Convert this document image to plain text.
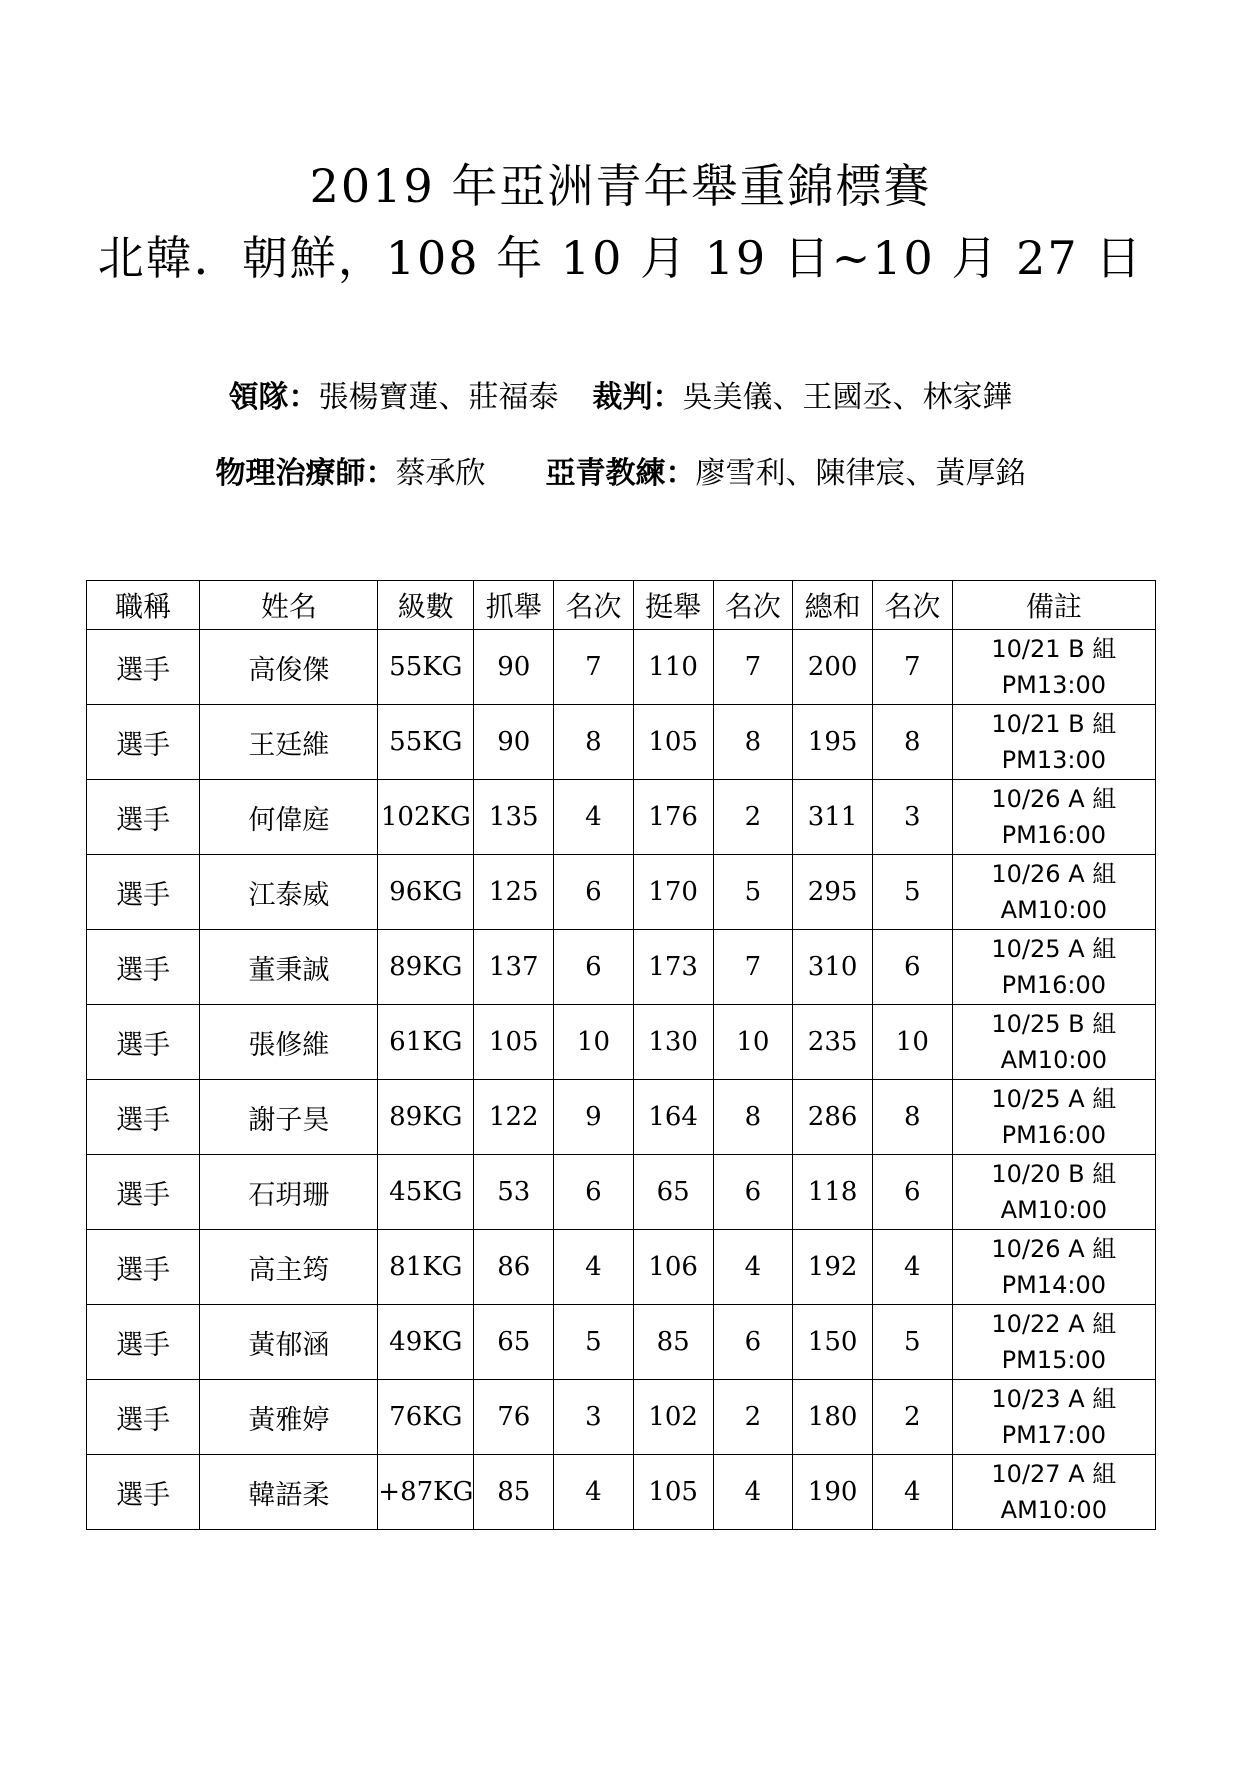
2019 年亞洲青年舉重錦標賽
北韓．朝鮮，108 年 10 月 19 日~10 月 27 日
領隊：張楊寶蓮、莊福泰 裁判：吳美儀、王國丞、林家鏵
物理治療師：蔡承欣 亞青教練：廖雪利、陳律宸、黃厚銘
職稱	姓名	級數	抓舉	名次	挺舉	名次	總和	名次	備註
選手	高俊傑	55KG	90	7	110	7	200	7	10/21 B 組
PM13:00

選手	王廷維	55KG	90	8	105	8	195	8	10/21 B 組
PM13:00

選手	何偉庭	102KG	135	4	176	2	311	3	10/26 A 組
PM16:00

選手	江泰威	96KG	125	6	170	5	295	5	10/26 A 組
AM10:00

選手	董秉誠	89KG	137	6	173	7	310	6	10/25 A 組
PM16:00

選手	張修維	61KG	105	10	130	10	235	10	10/25 B 組
AM10:00

選手	謝子昊	89KG	122	9	164	8	286	8	10/25 A 組
PM16:00

選手	石玥珊	45KG	53	6	65	6	118	6	10/20 B 組
AM10:00

選手	高主筠	81KG	86	4	106	4	192	4	10/26 A 組
PM14:00

選手	黃郁涵	49KG	65	5	85	6	150	5	10/22 A 組
PM15:00

選手	黃雅婷	76KG	76	3	102	2	180	2	10/23 A 組
PM17:00

選手	韓語柔	+87KG	85	4	105	4	190	4	10/27 A 組
AM10:00
